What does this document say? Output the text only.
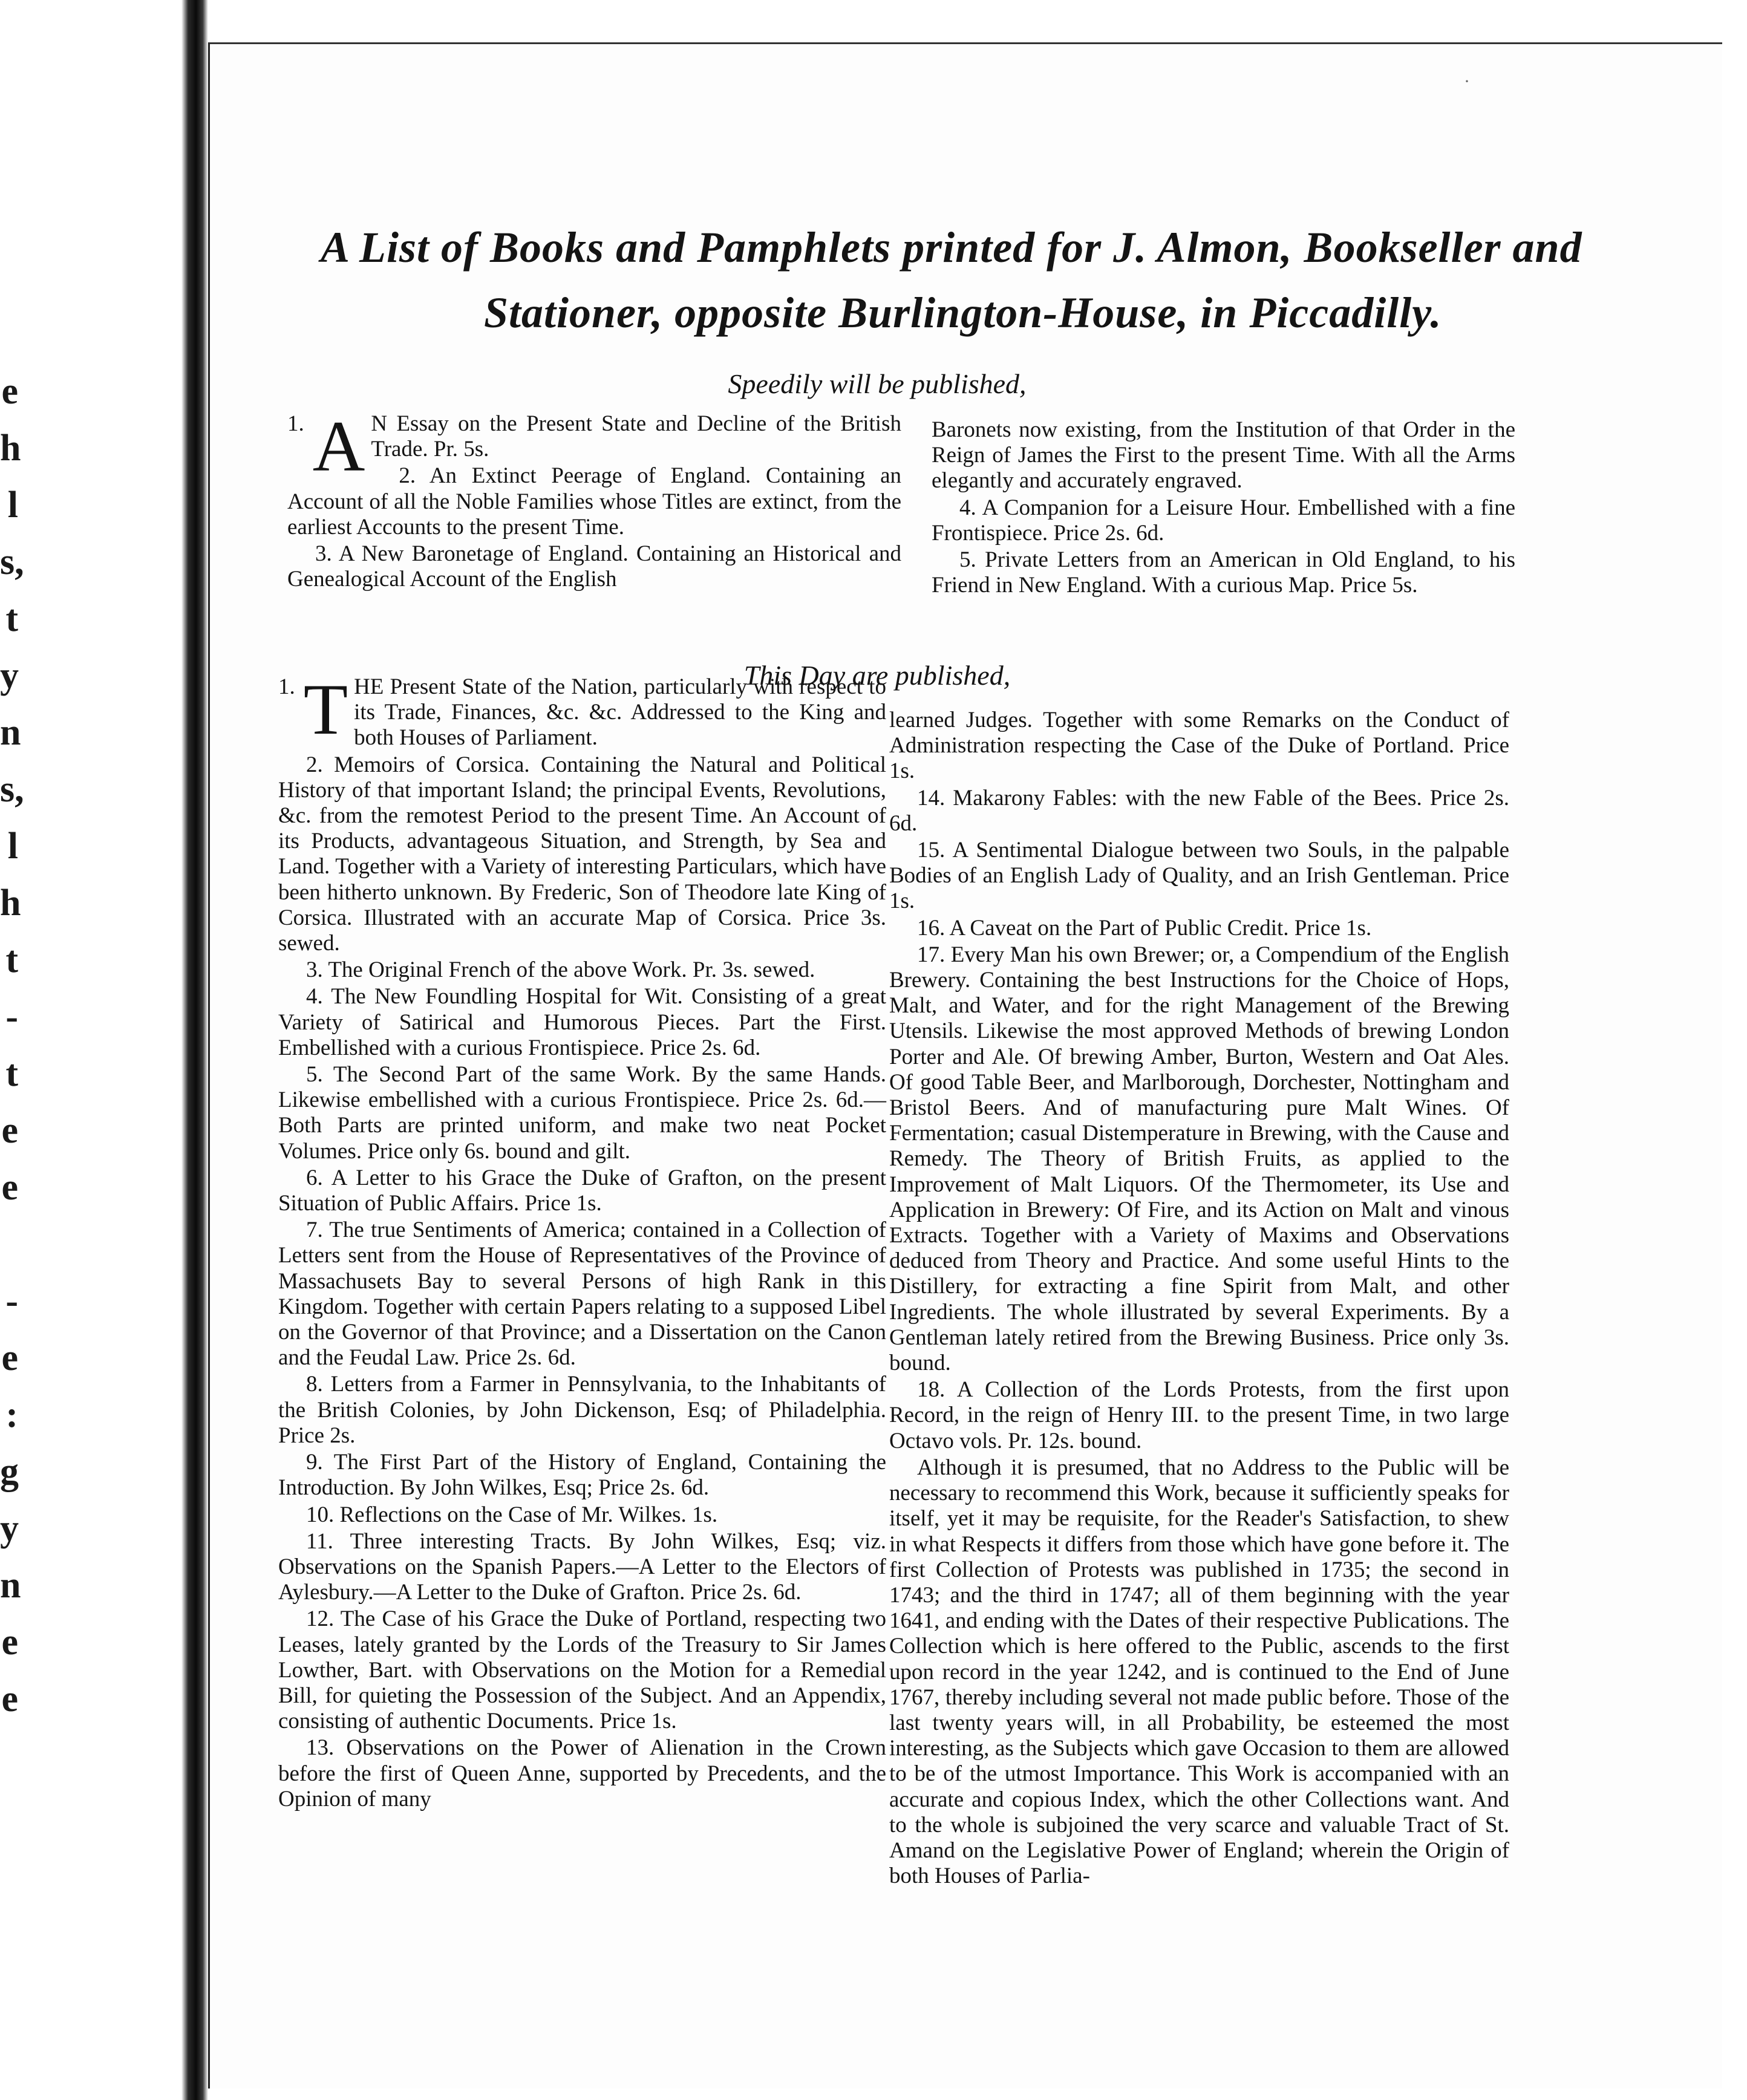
e
h
l
s,
t
y
n
s,
l
h
t
-
t
e
e
-
e
:
g
y
n
e
e
·
A List of Books and Pamphlets printed for J. Almon, Bookseller and
Stationer, opposite Burlington-House, in Piccadilly.
Speedily will be published,

1. A N Essay on the Present State and Decline of the British Trade. Pr. 5s.

2. An Extinct Peerage of England. Containing an Account of all the Noble Families whose Titles are extinct, from the earliest Accounts to the present Time.

3. A New Baronetage of England. Containing an Historical and Genealogical Account of the English

Baronets now existing, from the Institution of that Order in the Reign of James the First to the present Time. With all the Arms elegantly and accurately engraved.

4. A Companion for a Leisure Hour. Embellished with a fine Frontispiece. Price 2s. 6d.

5. Private Letters from an American in Old England, to his Friend in New England. With a curious Map. Price 5s.

This Day are published,

1. T HE Present State of the Nation, particularly with respect to its Trade, Finances, &c. &c. Addressed to the King and both Houses of Parliament.

2. Memoirs of Corsica. Containing the Natural and Political History of that important Island; the principal Events, Revolutions, &c. from the remotest Period to the present Time. An Account of its Products, advantageous Situation, and Strength, by Sea and Land. Together with a Variety of interesting Particulars, which have been hitherto unknown. By Frederic, Son of Theodore late King of Corsica. Illustrated with an accurate Map of Corsica. Price 3s. sewed.

3. The Original French of the above Work. Pr. 3s. sewed.

4. The New Foundling Hospital for Wit. Consisting of a great Variety of Satirical and Humorous Pieces. Part the First. Embellished with a curious Frontispiece. Price 2s. 6d.

5. The Second Part of the same Work. By the same Hands. Likewise embellished with a curious Frontispiece. Price 2s. 6d.—Both Parts are printed uniform, and make two neat Pocket Volumes. Price only 6s. bound and gilt.

6. A Letter to his Grace the Duke of Grafton, on the present Situation of Public Affairs. Price 1s.

7. The true Sentiments of America; contained in a Collection of Letters sent from the House of Representatives of the Province of Massachusets Bay to several Persons of high Rank in this Kingdom. Together with certain Papers relating to a supposed Libel on the Governor of that Province; and a Dissertation on the Canon and the Feudal Law. Price 2s. 6d.

8. Letters from a Farmer in Pennsylvania, to the Inhabitants of the British Colonies, by John Dickenson, Esq; of Philadelphia. Price 2s.

9. The First Part of the History of England, Containing the Introduction. By John Wilkes, Esq; Price 2s. 6d.

10. Reflections on the Case of Mr. Wilkes. 1s.

11. Three interesting Tracts. By John Wilkes, Esq; viz. Observations on the Spanish Papers.—A Letter to the Electors of Aylesbury.—A Letter to the Duke of Grafton. Price 2s. 6d.

12. The Case of his Grace the Duke of Portland, respecting two Leases, lately granted by the Lords of the Treasury to Sir James Lowther, Bart. with Observations on the Motion for a Remedial Bill, for quieting the Possession of the Subject. And an Appendix, consisting of authentic Documents. Price 1s.

13. Observations on the Power of Alienation in the Crown before the first of Queen Anne, supported by Precedents, and the Opinion of many

learned Judges. Together with some Remarks on the Conduct of Administration respecting the Case of the Duke of Portland. Price 1s.

14. Makarony Fables: with the new Fable of the Bees. Price 2s. 6d.

15. A Sentimental Dialogue between two Souls, in the palpable Bodies of an English Lady of Quality, and an Irish Gentleman. Price 1s.

16. A Caveat on the Part of Public Credit. Price 1s.

17. Every Man his own Brewer; or, a Compendium of the English Brewery. Containing the best Instructions for the Choice of Hops, Malt, and Water, and for the right Management of the Brewing Utensils. Likewise the most approved Methods of brewing London Porter and Ale. Of brewing Amber, Burton, Western and Oat Ales. Of good Table Beer, and Marlborough, Dorchester, Nottingham and Bristol Beers. And of manufacturing pure Malt Wines. Of Fermentation; casual Distemperature in Brewing, with the Cause and Remedy. The Theory of British Fruits, as applied to the Improvement of Malt Liquors. Of the Thermometer, its Use and Application in Brewery: Of Fire, and its Action on Malt and vinous Extracts. Together with a Variety of Maxims and Observations deduced from Theory and Practice. And some useful Hints to the Distillery, for extracting a fine Spirit from Malt, and other Ingredients. The whole illustrated by several Experiments. By a Gentleman lately retired from the Brewing Business. Price only 3s. bound.

18. A Collection of the Lords Protests, from the first upon Record, in the reign of Henry III. to the present Time, in two large Octavo vols. Pr. 12s. bound.

Although it is presumed, that no Address to the Public will be necessary to recommend this Work, because it sufficiently speaks for itself, yet it may be requisite, for the Reader's Satisfaction, to shew in what Respects it differs from those which have gone before it. The first Collection of Protests was published in 1735; the second in 1743; and the third in 1747; all of them beginning with the year 1641, and ending with the Dates of their respective Publications. The Collection which is here offered to the Public, ascends to the first upon record in the year 1242, and is continued to the End of June 1767, thereby including several not made public before. Those of the last twenty years will, in all Probability, be esteemed the most interesting, as the Subjects which gave Occasion to them are allowed to be of the utmost Importance. This Work is accompanied with an accurate and copious Index, which the other Collections want. And to the whole is subjoined the very scarce and valuable Tract of St. Amand on the Legislative Power of England; wherein the Origin of both Houses of Parlia-
